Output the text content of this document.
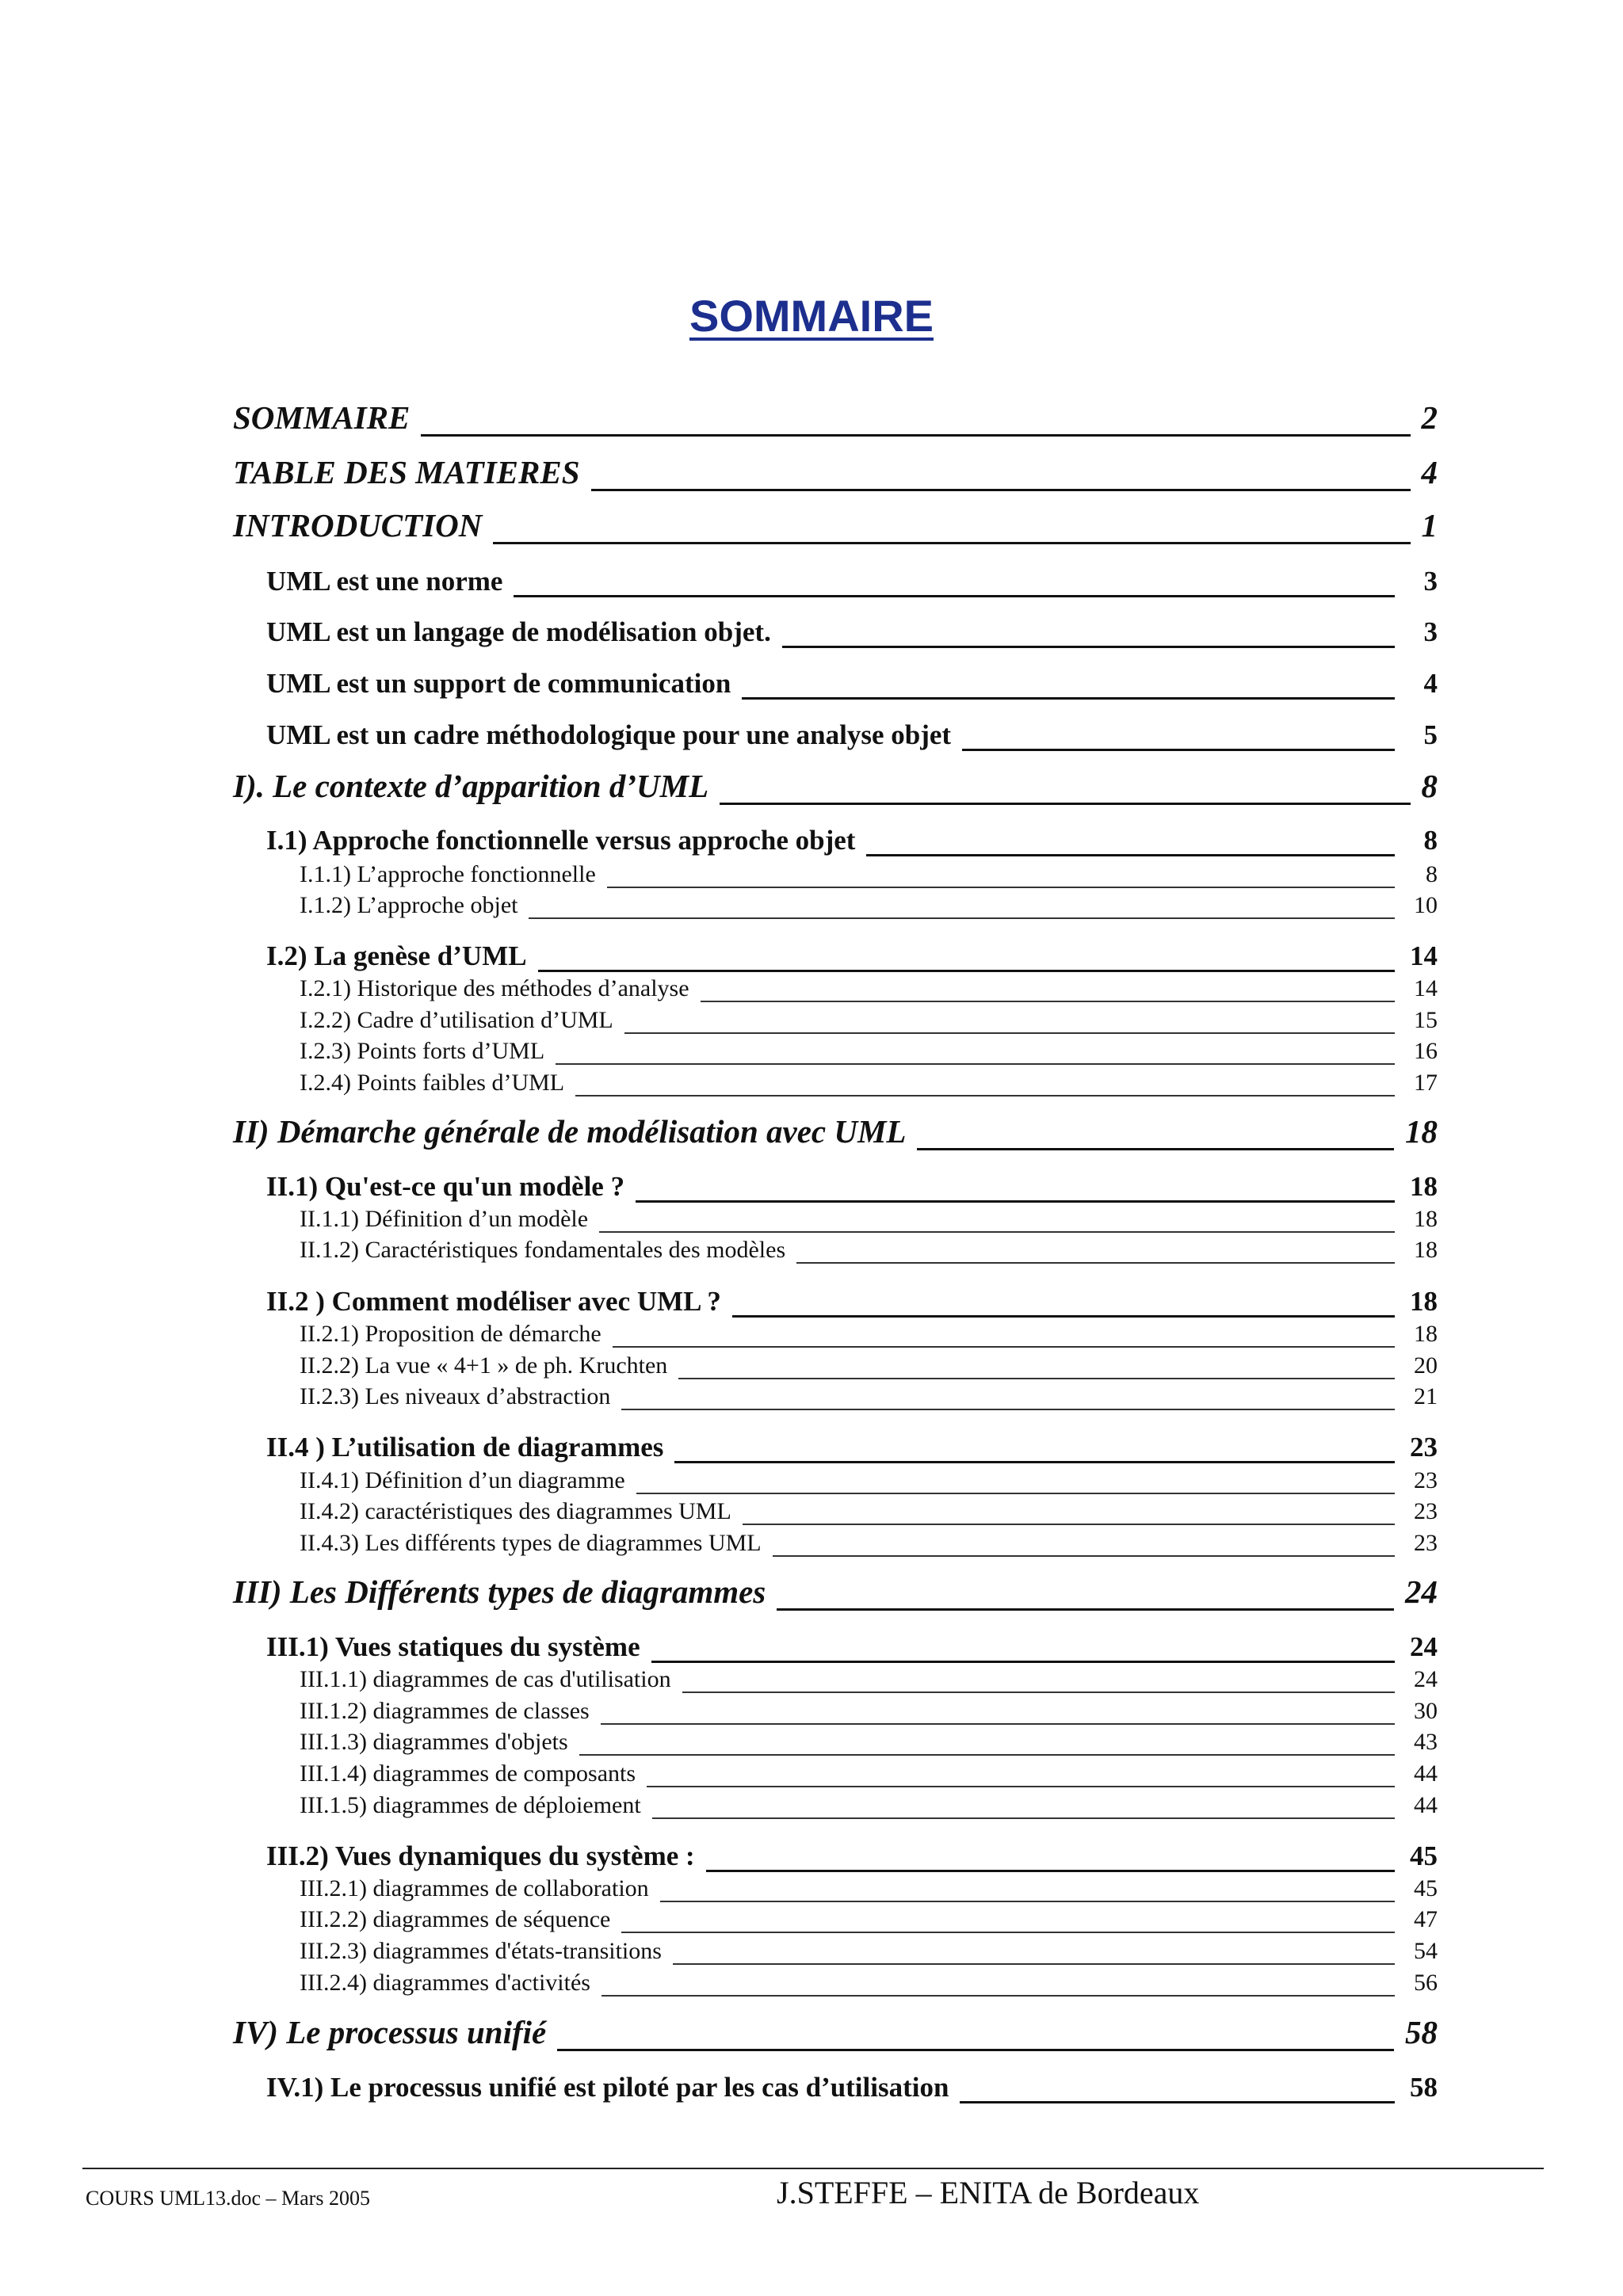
SOMMAIRE
SOMMAIRE	2
TABLE DES MATIERES	4
INTRODUCTION	1
UML est une norme	3
UML est un langage de modélisation objet.	3
UML est un support de communication	4
UML est un cadre méthodologique pour une analyse objet	5
I). Le contexte d’apparition d’UML	8
I.1) Approche fonctionnelle versus approche objet	8
I.1.1) L’approche fonctionnelle	8
I.1.2) L’approche objet	10
I.2) La genèse d’UML	14
I.2.1) Historique des méthodes d’analyse	14
I.2.2) Cadre d’utilisation d’UML	15
I.2.3) Points forts d’UML	16
I.2.4) Points faibles d’UML	17
II) Démarche générale de modélisation avec UML	18
II.1) Qu'est-ce qu'un modèle ?	18
II.1.1) Définition d’un modèle	18
II.1.2) Caractéristiques fondamentales des modèles	18
II.2 ) Comment modéliser avec UML ?	18
II.2.1) Proposition de démarche	18
II.2.2) La vue « 4+1 » de ph. Kruchten	20
II.2.3) Les niveaux d’abstraction	21
II.4 ) L’utilisation de diagrammes	23
II.4.1) Définition d’un diagramme	23
II.4.2) caractéristiques des diagrammes UML	23
II.4.3) Les différents types de diagrammes UML	23
III) Les Différents types de diagrammes	24
III.1) Vues statiques du système	24
III.1.1) diagrammes de cas d'utilisation	24
III.1.2) diagrammes de classes	30
III.1.3) diagrammes d'objets	43
III.1.4) diagrammes de composants	44
III.1.5) diagrammes de déploiement	44
III.2) Vues dynamiques du système :	45
III.2.1) diagrammes de collaboration	45
III.2.2) diagrammes de séquence	47
III.2.3) diagrammes d'états-transitions	54
III.2.4) diagrammes d'activités	56
IV) Le processus unifié	58
IV.1) Le processus unifié est piloté par les cas d’utilisation	58
COURS UML13.doc – Mars 2005	J.STEFFE – ENITA de Bordeaux
